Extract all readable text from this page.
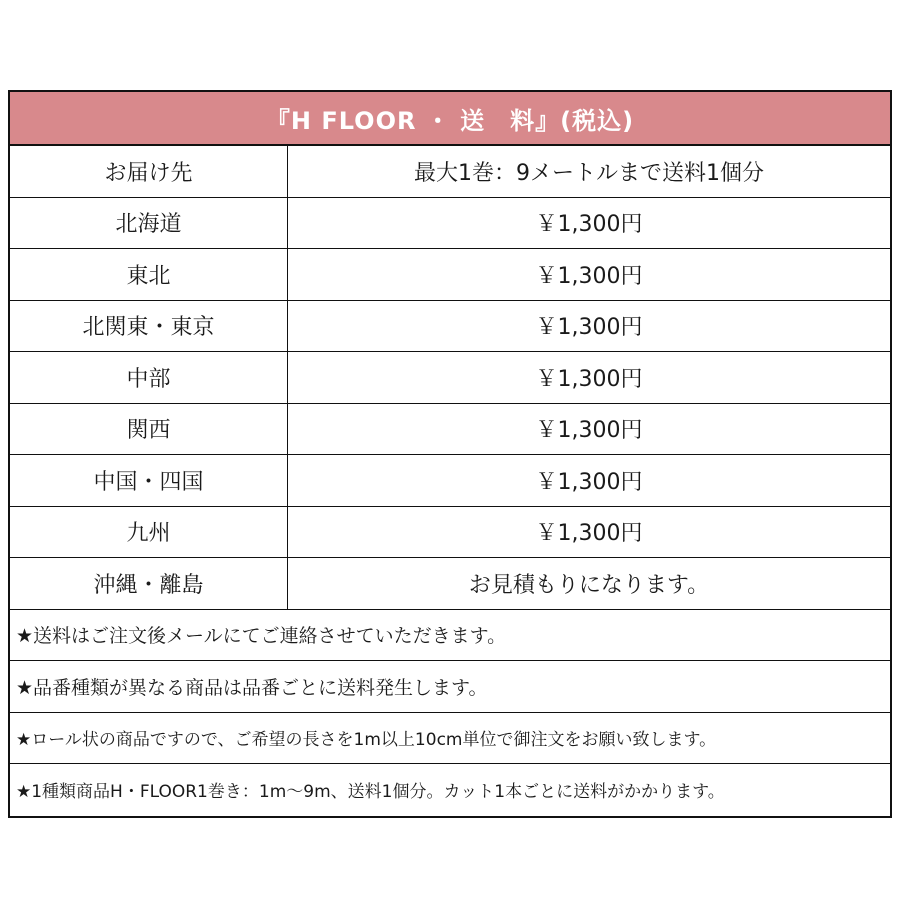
『H FLOOR ・ 送　料』(税込)
お届け先	最大1巻：9メートルまで送料1個分
北海道	￥1,300円
東北	￥1,300円
北関東・東京	￥1,300円
中部	￥1,300円
関西	￥1,300円
中国・四国	￥1,300円
九州	￥1,300円
沖縄・離島	お見積もりになります。
★送料はご注文後メールにてご連絡させていただきます。
★品番種類が異なる商品は品番ごとに送料発生します。
★ロール状の商品ですので、ご希望の長さを1m以上10cm単位で御注文をお願い致します。
★1種類商品H・FLOOR1巻き：1m～9m、送料1個分。カット1本ごとに送料がかかります。
